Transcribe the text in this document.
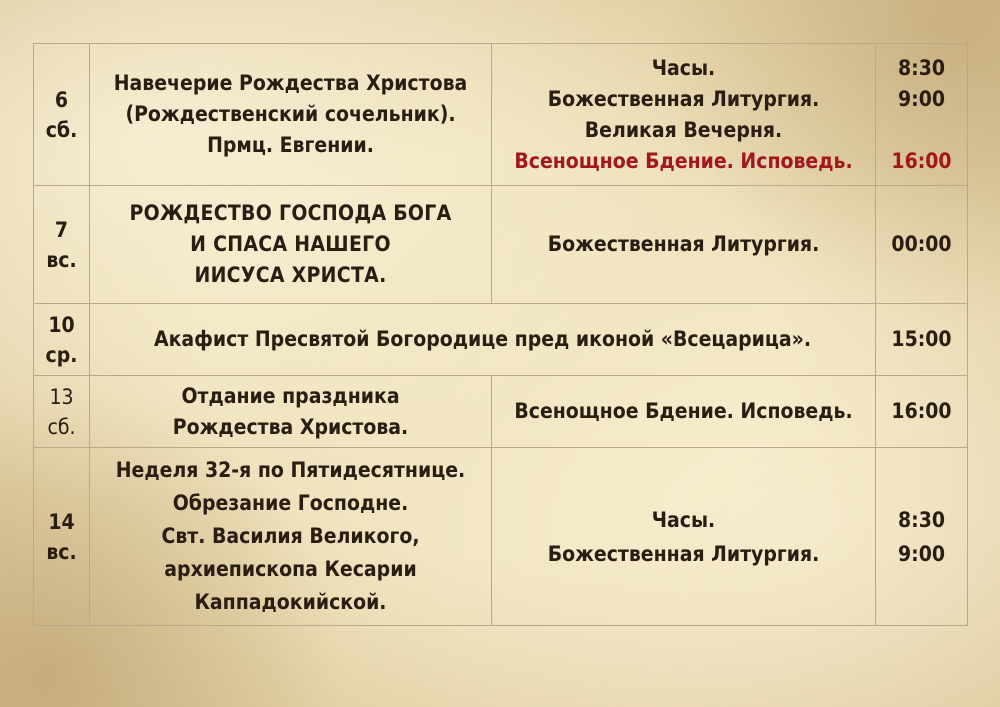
6
сб.	Навечерие Рождества Христова
(Рождественский сочельник).
Прмц. Евгении.	Часы.
Божественная Литургия.
Великая Вечерня.
Всенощное Бдение. Исповедь.	8:30
9:00
16:00

7
вс.	РОЖДЕСТВО ГОСПОДА БОГА
И СПАСА НАШЕГО
ИИСУСА ХРИСТА.	Божественная Литургия.	00:00

10
ср.	Акафист Пресвятой Богородице пред иконой «Всецарица».		15:00

13
сб.	Отдание праздника
Рождества Христова.	Всенощное Бдение. Исповедь.	16:00

14
вс.	Неделя 32-я по Пятидесятнице.
Обрезание Господне.
Свт. Василия Великого,
архиепископа Кесарии
Каппадокийской.	Часы.
Божественная Литургия.	8:30
9:00
